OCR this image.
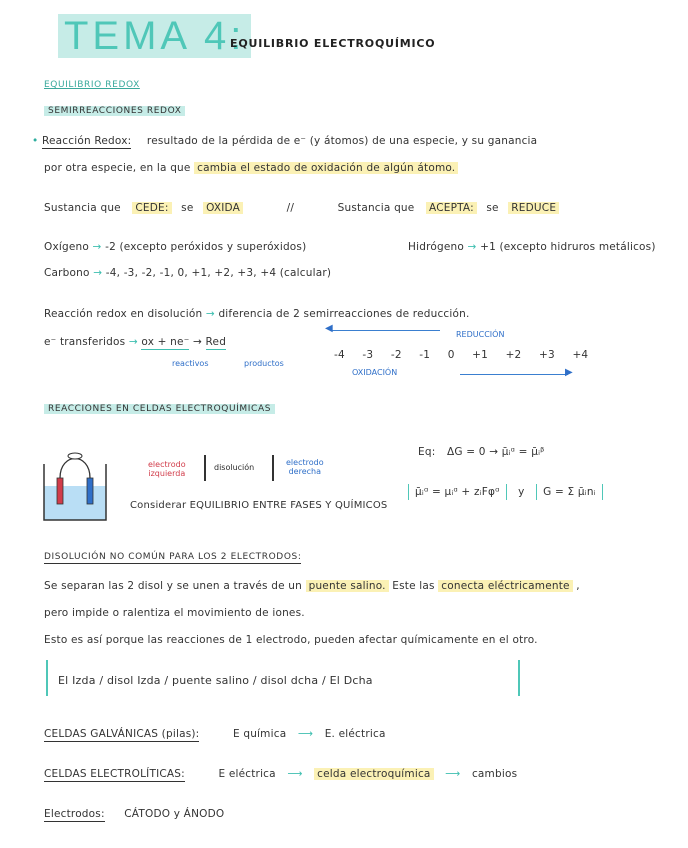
TEMA 4:
EQUILIBRIO ELECTROQUÍMICO
EQUILIBRIO REDOX
SEMIRREACCIONES REDOX
• Reacción Redox: resultado de la pérdida de e⁻ (y átomos) de una especie, y su ganancia
por otra especie, en la que cambia el estado de oxidación de algún átomo.
Sustancia que CEDE: se OXIDA	//	Sustancia que ACEPTA: se REDUCE
Oxígeno → -2 (excepto peróxidos y superóxidos)	Hidrógeno → +1 (excepto hidruros metálicos)
Carbono → -4, -3, -2, -1, 0, +1, +2, +3, +4 (calcular)
Reacción redox en disolución → diferencia de 2 semirreacciones de reducción.
e⁻ transferidos → ox + ne⁻ → Red
reactivos	productos
REDUCCIÓN
◀
-4 -3 -2 -1 0 +1 +2 +3 +4
OXIDACIÓN	▶
REACCIONES EN CELDAS ELECTROQUÍMICAS
electrodo
izquierda
disolución
electrodo
derecha
Eq: ΔG = 0 → μ̄ᵢᵅ = μ̄ᵢᵝ
Considerar EQUILIBRIO ENTRE FASES Y QUÍMICOS
μ̄ᵢᵅ = μᵢᵅ + zᵢFφᵅ y G = Σ μ̄ᵢnᵢ
DISOLUCIÓN NO COMÚN PARA LOS 2 ELECTRODOS:
Se separan las 2 disol y se unen a través de un puente salino. Este las conecta eléctricamente ,
pero impide o ralentiza el movimiento de iones.
Esto es así porque las reacciones de 1 electrodo, pueden afectar químicamente en el otro.
El Izda / disol Izda / puente salino / disol dcha / El Dcha
CELDAS GALVÁNICAS (pilas):	E química ⟶ E. eléctrica
CELDAS ELECTROLÍTICAS:	E eléctrica ⟶ celda electroquímica ⟶ cambios
Electrodos: CÁTODO y ÁNODO
